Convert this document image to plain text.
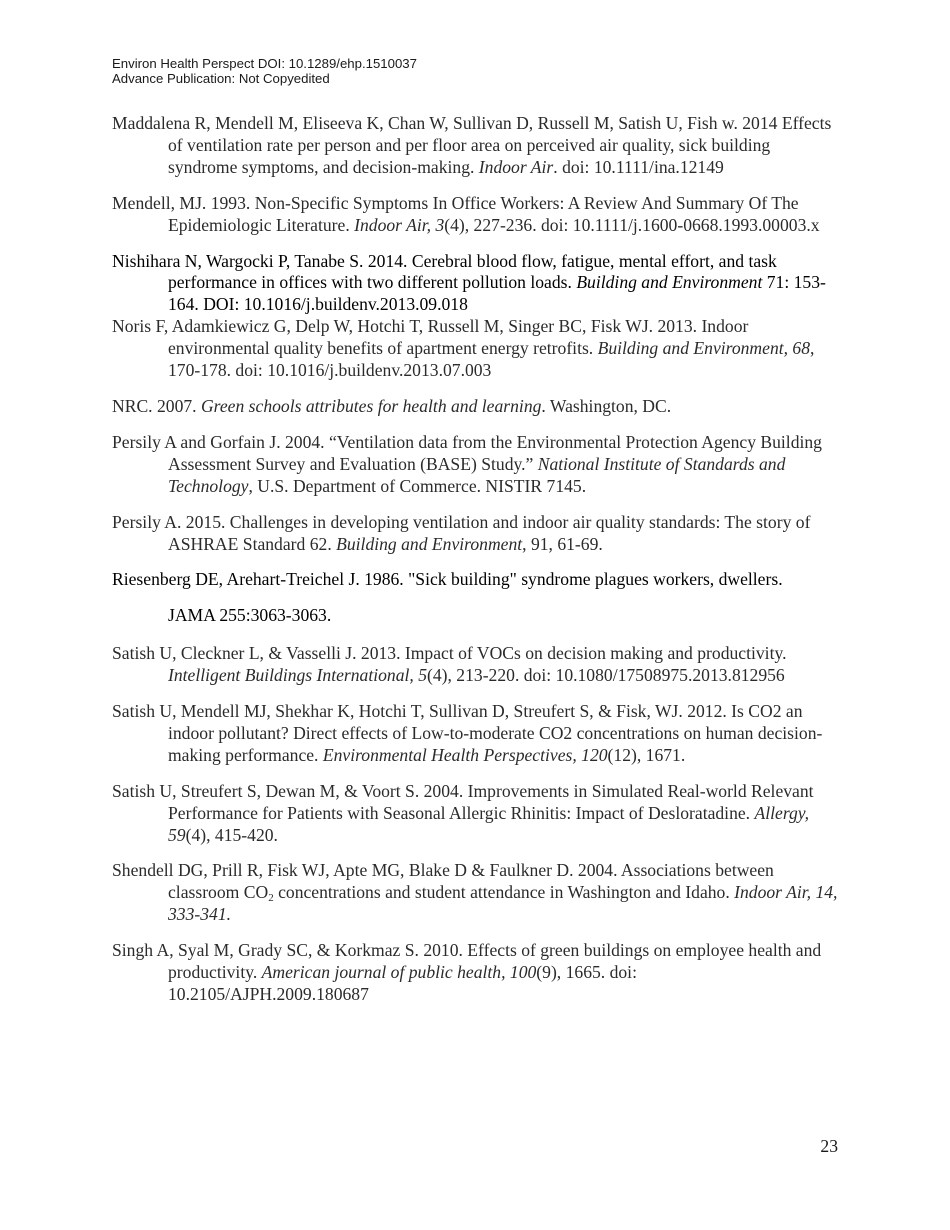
Environ Health Perspect DOI: 10.1289/ehp.1510037
Advance Publication: Not Copyedited
Maddalena R, Mendell M, Eliseeva K, Chan W, Sullivan D, Russell M, Satish U, Fish w. 2014 Effects of ventilation rate per person and per floor area on perceived air quality, sick building syndrome symptoms, and decision-making. Indoor Air. doi: 10.1111/ina.12149
Mendell, MJ. 1993. Non-Specific Symptoms In Office Workers: A Review And Summary Of The Epidemiologic Literature. Indoor Air, 3(4), 227-236. doi: 10.1111/j.1600-0668.1993.00003.x
Nishihara N, Wargocki P, Tanabe S. 2014. Cerebral blood flow, fatigue, mental effort, and task performance in offices with two different pollution loads. Building and Environment 71: 153-164. DOI: 10.1016/j.buildenv.2013.09.018
Noris F, Adamkiewicz G, Delp W, Hotchi T, Russell M, Singer BC, Fisk WJ. 2013. Indoor environmental quality benefits of apartment energy retrofits. Building and Environment, 68, 170-178. doi: 10.1016/j.buildenv.2013.07.003
NRC. 2007. Green schools attributes for health and learning. Washington, DC.
Persily A and Gorfain J. 2004. “Ventilation data from the Environmental Protection Agency Building Assessment Survey and Evaluation (BASE) Study.” National Institute of Standards and Technology, U.S. Department of Commerce. NISTIR 7145.
Persily A. 2015. Challenges in developing ventilation and indoor air quality standards: The story of ASHRAE Standard 62. Building and Environment, 91, 61-69.
Riesenberg DE, Arehart-Treichel J. 1986. "Sick building" syndrome plagues workers, dwellers.
JAMA 255:3063-3063.
Satish U, Cleckner L, & Vasselli J. 2013. Impact of VOCs on decision making and productivity. Intelligent Buildings International, 5(4), 213-220. doi: 10.1080/17508975.2013.812956
Satish U, Mendell MJ, Shekhar K, Hotchi T, Sullivan D, Streufert S, & Fisk, WJ. 2012. Is CO2 an indoor pollutant? Direct effects of Low-to-moderate CO2 concentrations on human decision-making performance. Environmental Health Perspectives, 120(12), 1671.
Satish U, Streufert S, Dewan M, & Voort S. 2004. Improvements in Simulated Real-world Relevant Performance for Patients with Seasonal Allergic Rhinitis: Impact of Desloratadine. Allergy, 59(4), 415-420.
Shendell DG, Prill R, Fisk WJ, Apte MG, Blake D & Faulkner D. 2004. Associations between classroom $CO_2$ concentrations and student attendance in Washington and Idaho. Indoor Air, 14, 333-341.
Singh A, Syal M, Grady SC, & Korkmaz S. 2010. Effects of green buildings on employee health and productivity. American journal of public health, 100(9), 1665. doi: 10.2105/AJPH.2009.180687
23
